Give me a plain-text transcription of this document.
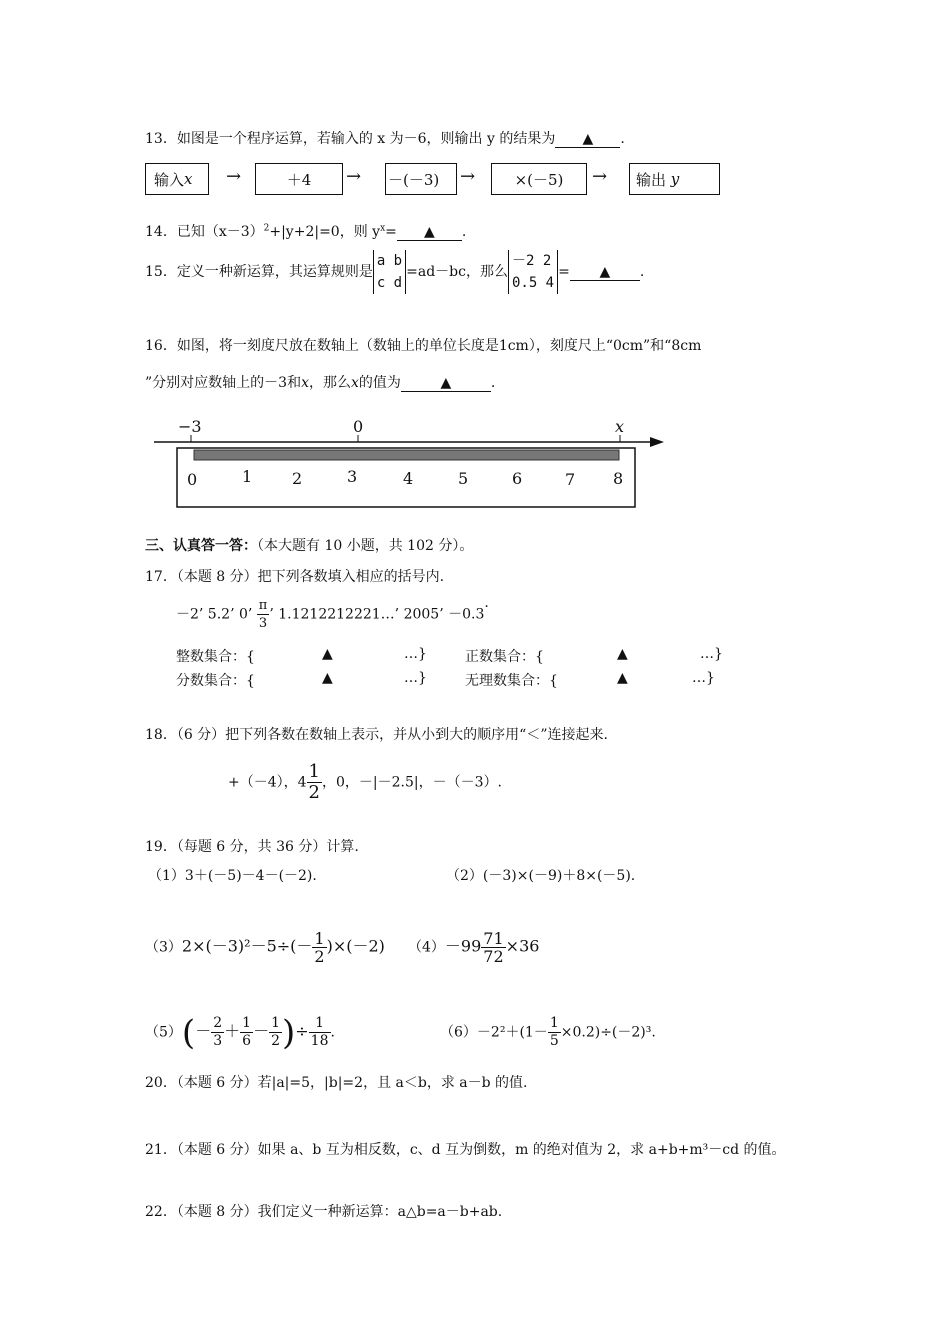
13．如图是一个程序运算，若输入的 x 为－6，则输出 y 的结果为 ▲ .
输入 x →	＋4 → －(－3) →	×(－5) →	输出
y
14．已知$(x-3)^2+|y+2|=0$，则 $y^x=$ ▲ .
15．定义一种新运算，其运算规则是
a b
c d
=ad－bc，那么
－2 2
0.5 4
= ▲ .
16．如图，将一刻度尺放在数轴上（数轴上的单位长度是1cm），刻度尺上“0cm”和“8cm
”分别对应数轴上的－3和x，那么x的值为	▲	.
−3	0	x
0	1 2	3	4	5	6	7 8
三、认真答一答：（本大题有 10 小题，共 102 分）。
17．（本题 8 分）把下列各数填入相应的括号内.
－2’ 5.2’ 0’ $\frac{\pi}{3}$ ’ 1.1212212221…’ 2005’ －0.3·
整数集合：{	▲	…}	正数集合：{	▲	…}
分数集合：{	▲	…}	无理数集合：{	▲	…}
18．（6 分）把下列各数在数轴上表示，并从小到大的顺序用“＜”连接起来.
+（－4），$4 \frac{1}{2}$ ，0，－|－2.5|，－（－3）.
19．（每题 6 分，共 36 分）计算.
（1）3＋(－5)－4－(－2).	（2）(－3)×(－9)＋8×(－5).
$(3)2\times(-3)^2-5\div(- \frac{1}{2} )\times(-2)$ $(4)-99 \frac{71}{72} \times 36$
$(5)(- \frac{2}{3} + \frac{1}{6} - \frac{1}{2}$ )÷ $\frac{1}{18}$ .	$(6)-2^2+(1- \frac{1}{5} \times 0.2)\div(-2)^3$.
20．（本题 6 分）若|a|=5，|b|=2，且 a＜b，求 a－b 的值.
21．（本题 6 分）如果 a、b 互为相反数，c、d 互为倒数，m 的绝对值为 2，求 a+b+m³－cd 的值。
22．（本题 8 分）我们定义一种新运算：a△b=a－b+ab.
